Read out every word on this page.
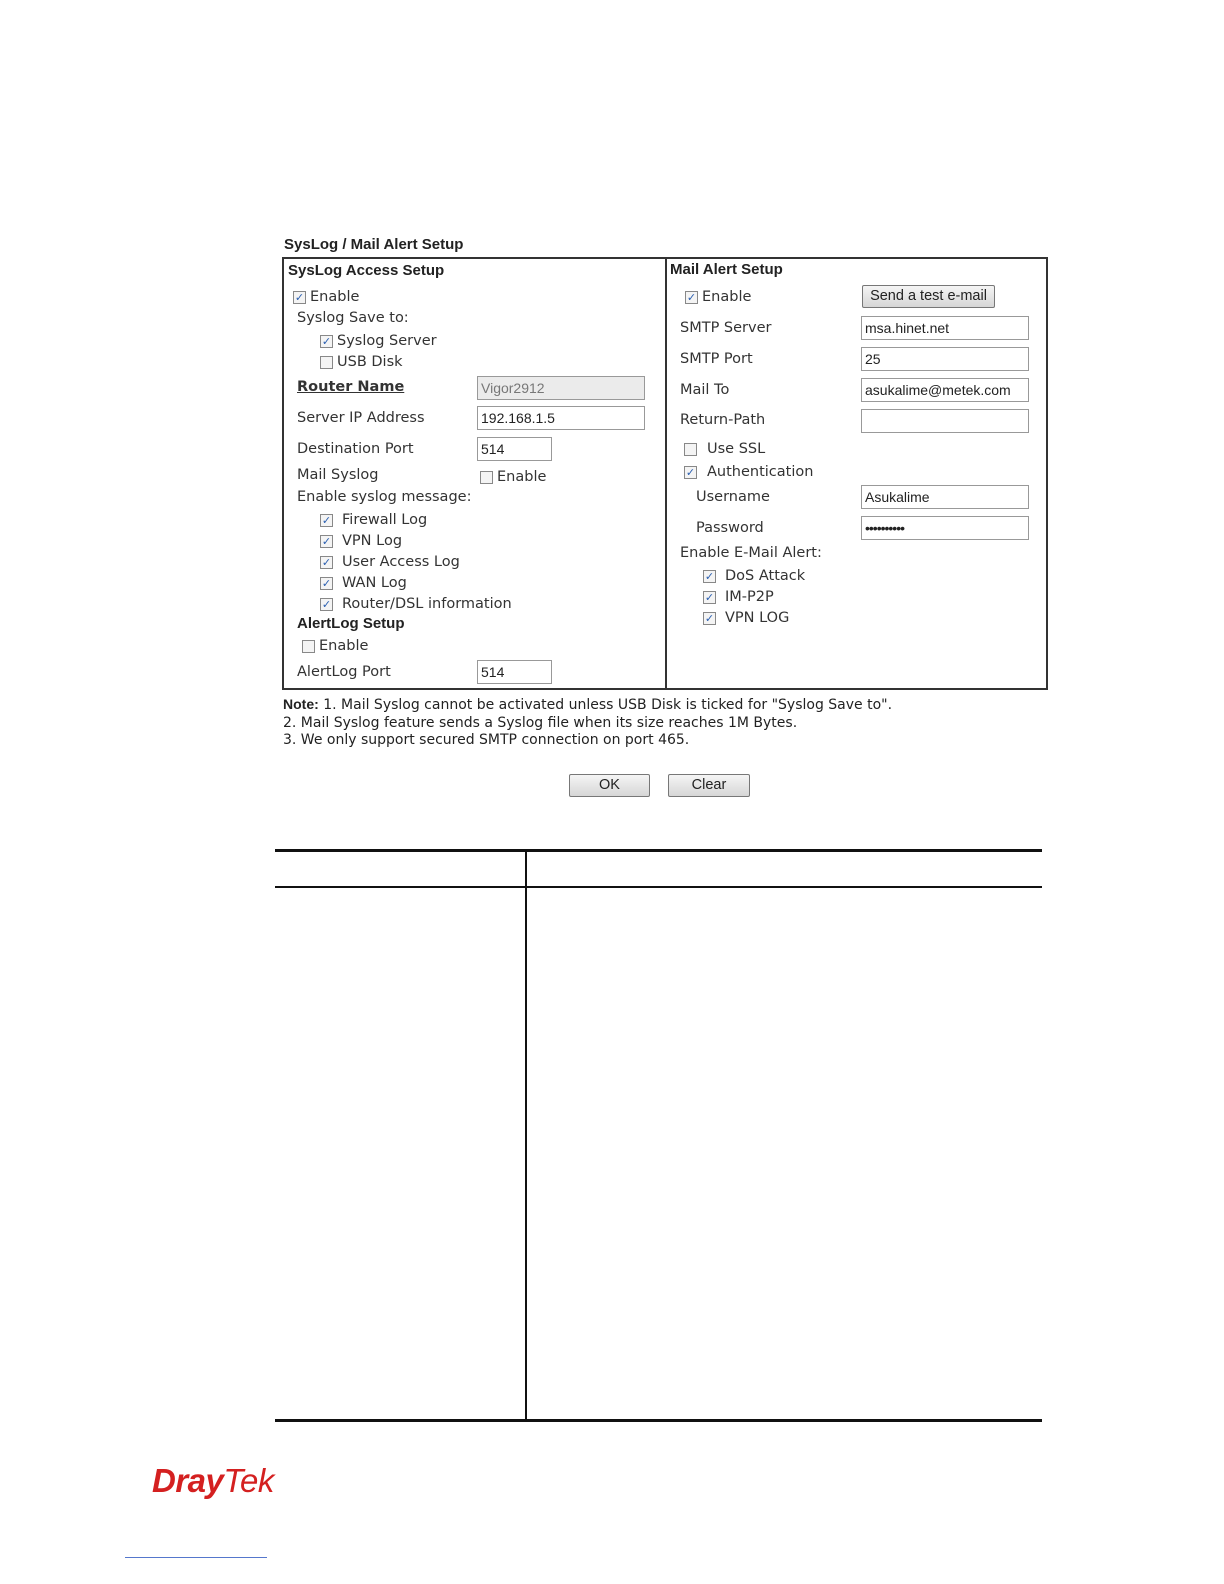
SysLog / Mail Alert Setup
SysLog Access Setup
✓ Enable
Syslog Save to:
✓ Syslog Server
USB Disk
Router Name	Vigor2912
Server IP Address	192.168.1.5
Destination Port	514
Mail Syslog	Enable
Enable syslog message:
✓ Firewall Log
✓ VPN Log
✓ User Access Log
✓ WAN Log
✓ Router/DSL information
AlertLog Setup
Enable
AlertLog Port	514
Mail Alert Setup
✓ Enable	Send a test e-mail
SMTP Server	msa.hinet.net
SMTP Port	25
Mail To	asukalime@metek.com
Return-Path
Use SSL
✓ Authentication
Username	Asukalime
Password	••••••••••
Enable E-Mail Alert:
✓ DoS Attack
✓ IM-P2P
✓ VPN LOG
Note: 1. Mail Syslog cannot be activated unless USB Disk is ticked for "Syslog Save to".
2. Mail Syslog feature sends a Syslog file when its size reaches 1M Bytes.
3. We only support secured SMTP connection on port 465.
OK	Clear
DrayTek
